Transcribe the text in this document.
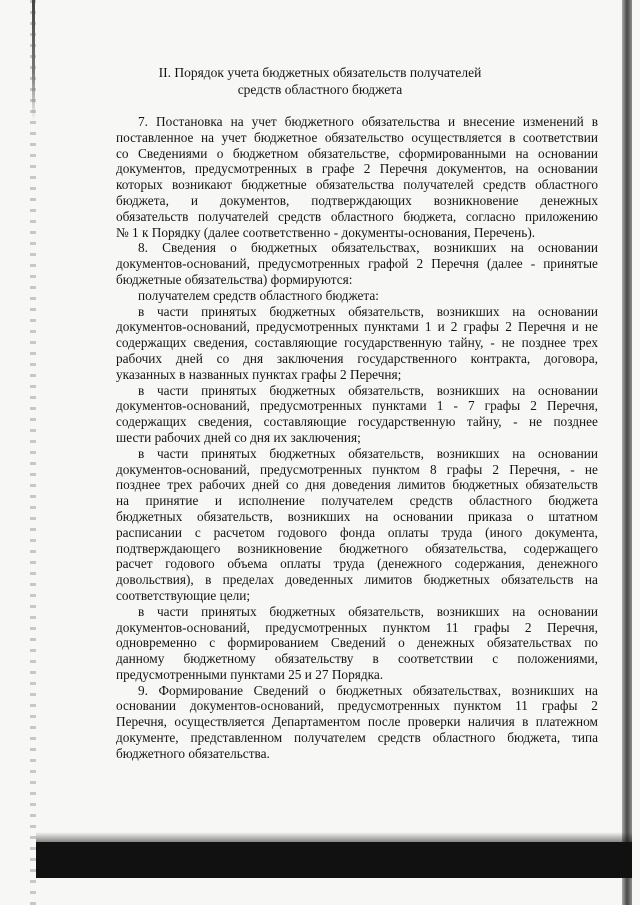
II. Порядок учета бюджетных обязательств получателей
средств областного бюджета
7. Постановка на учет бюджетного обязательства и внесение изменений в
поставленное на учет бюджетное обязательство осуществляется в соответствии
со Сведениями о бюджетном обязательстве, сформированными на основании
документов, предусмотренных в графе 2 Перечня документов, на основании
которых возникают бюджетные обязательства получателей средств областного
бюджета, и документов, подтверждающих возникновение денежных
обязательств получателей средств областного бюджета, согласно приложению
№ 1 к Порядку (далее соответственно - документы-основания, Перечень).
8. Сведения о бюджетных обязательствах, возникших на основании
документов-оснований, предусмотренных графой 2 Перечня (далее - принятые
бюджетные обязательства) формируются:
получателем средств областного бюджета:
в части принятых бюджетных обязательств, возникших на основании
документов-оснований, предусмотренных пунктами 1 и 2 графы 2 Перечня и не
содержащих сведения, составляющие государственную тайну, - не позднее трех
рабочих дней со дня заключения государственного контракта, договора,
указанных в названных пунктах графы 2 Перечня;
в части принятых бюджетных обязательств, возникших на основании
документов-оснований, предусмотренных пунктами 1 - 7 графы 2 Перечня,
содержащих сведения, составляющие государственную тайну, - не позднее
шести рабочих дней со дня их заключения;
в части принятых бюджетных обязательств, возникших на основании
документов-оснований, предусмотренных пунктом 8 графы 2 Перечня, - не
позднее трех рабочих дней со дня доведения лимитов бюджетных обязательств
на принятие и исполнение получателем средств областного бюджета
бюджетных обязательств, возникших на основании приказа о штатном
расписании с расчетом годового фонда оплаты труда (иного документа,
подтверждающего возникновение бюджетного обязательства, содержащего
расчет годового объема оплаты труда (денежного содержания, денежного
довольствия), в пределах доведенных лимитов бюджетных обязательств на
соответствующие цели;
в части принятых бюджетных обязательств, возникших на основании
документов-оснований, предусмотренных пунктом 11 графы 2 Перечня,
одновременно с формированием Сведений о денежных обязательствах по
данному бюджетному обязательству в соответствии с положениями,
предусмотренными пунктами 25 и 27 Порядка.
9. Формирование Сведений о бюджетных обязательствах, возникших на
основании документов-оснований, предусмотренных пунктом 11 графы 2
Перечня, осуществляется Департаментом после проверки наличия в платежном
документе, представленном получателем средств областного бюджета, типа
бюджетного обязательства.
